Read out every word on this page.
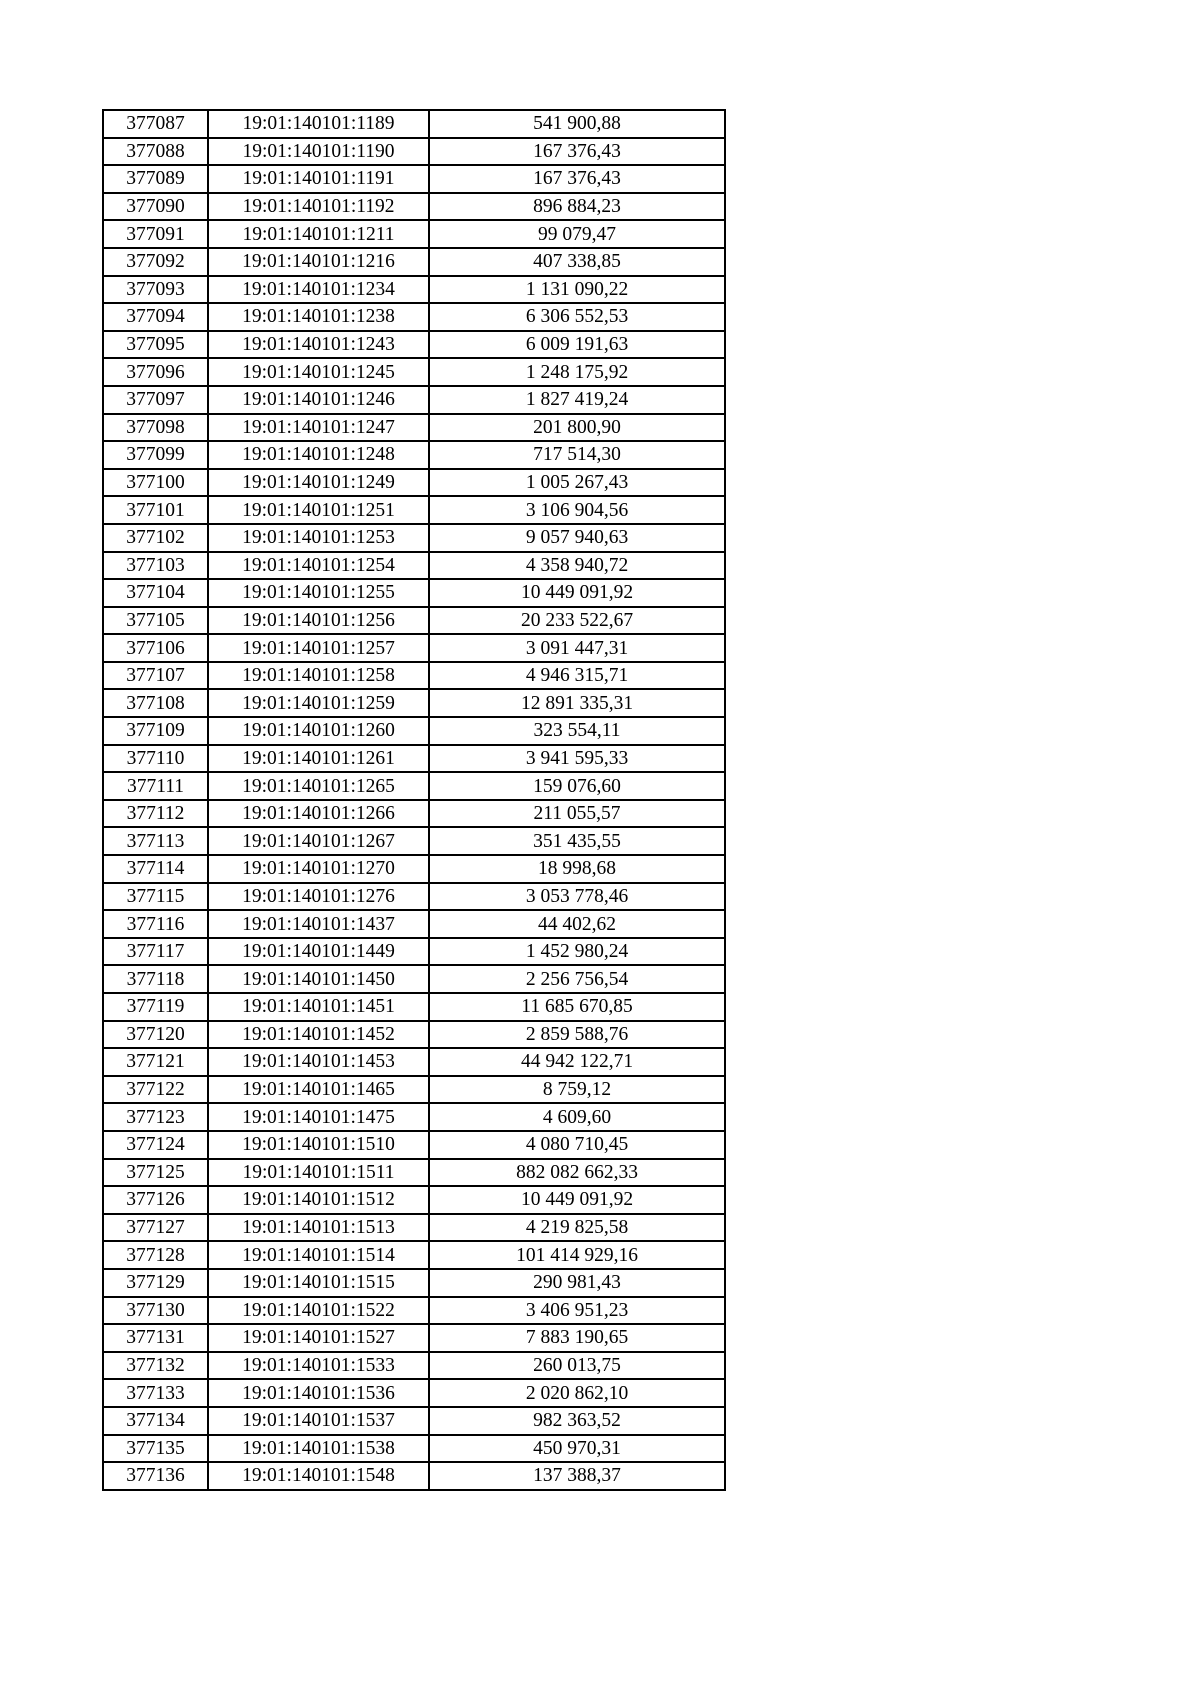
377087	19:01:140101:1189	541 900,88
377088	19:01:140101:1190	167 376,43
377089	19:01:140101:1191	167 376,43
377090	19:01:140101:1192	896 884,23
377091	19:01:140101:1211	99 079,47
377092	19:01:140101:1216	407 338,85
377093	19:01:140101:1234	1 131 090,22
377094	19:01:140101:1238	6 306 552,53
377095	19:01:140101:1243	6 009 191,63
377096	19:01:140101:1245	1 248 175,92
377097	19:01:140101:1246	1 827 419,24
377098	19:01:140101:1247	201 800,90
377099	19:01:140101:1248	717 514,30
377100	19:01:140101:1249	1 005 267,43
377101	19:01:140101:1251	3 106 904,56
377102	19:01:140101:1253	9 057 940,63
377103	19:01:140101:1254	4 358 940,72
377104	19:01:140101:1255	10 449 091,92
377105	19:01:140101:1256	20 233 522,67
377106	19:01:140101:1257	3 091 447,31
377107	19:01:140101:1258	4 946 315,71
377108	19:01:140101:1259	12 891 335,31
377109	19:01:140101:1260	323 554,11
377110	19:01:140101:1261	3 941 595,33
377111	19:01:140101:1265	159 076,60
377112	19:01:140101:1266	211 055,57
377113	19:01:140101:1267	351 435,55
377114	19:01:140101:1270	18 998,68
377115	19:01:140101:1276	3 053 778,46
377116	19:01:140101:1437	44 402,62
377117	19:01:140101:1449	1 452 980,24
377118	19:01:140101:1450	2 256 756,54
377119	19:01:140101:1451	11 685 670,85
377120	19:01:140101:1452	2 859 588,76
377121	19:01:140101:1453	44 942 122,71
377122	19:01:140101:1465	8 759,12
377123	19:01:140101:1475	4 609,60
377124	19:01:140101:1510	4 080 710,45
377125	19:01:140101:1511	882 082 662,33
377126	19:01:140101:1512	10 449 091,92
377127	19:01:140101:1513	4 219 825,58
377128	19:01:140101:1514	101 414 929,16
377129	19:01:140101:1515	290 981,43
377130	19:01:140101:1522	3 406 951,23
377131	19:01:140101:1527	7 883 190,65
377132	19:01:140101:1533	260 013,75
377133	19:01:140101:1536	2 020 862,10
377134	19:01:140101:1537	982 363,52
377135	19:01:140101:1538	450 970,31
377136	19:01:140101:1548	137 388,37
